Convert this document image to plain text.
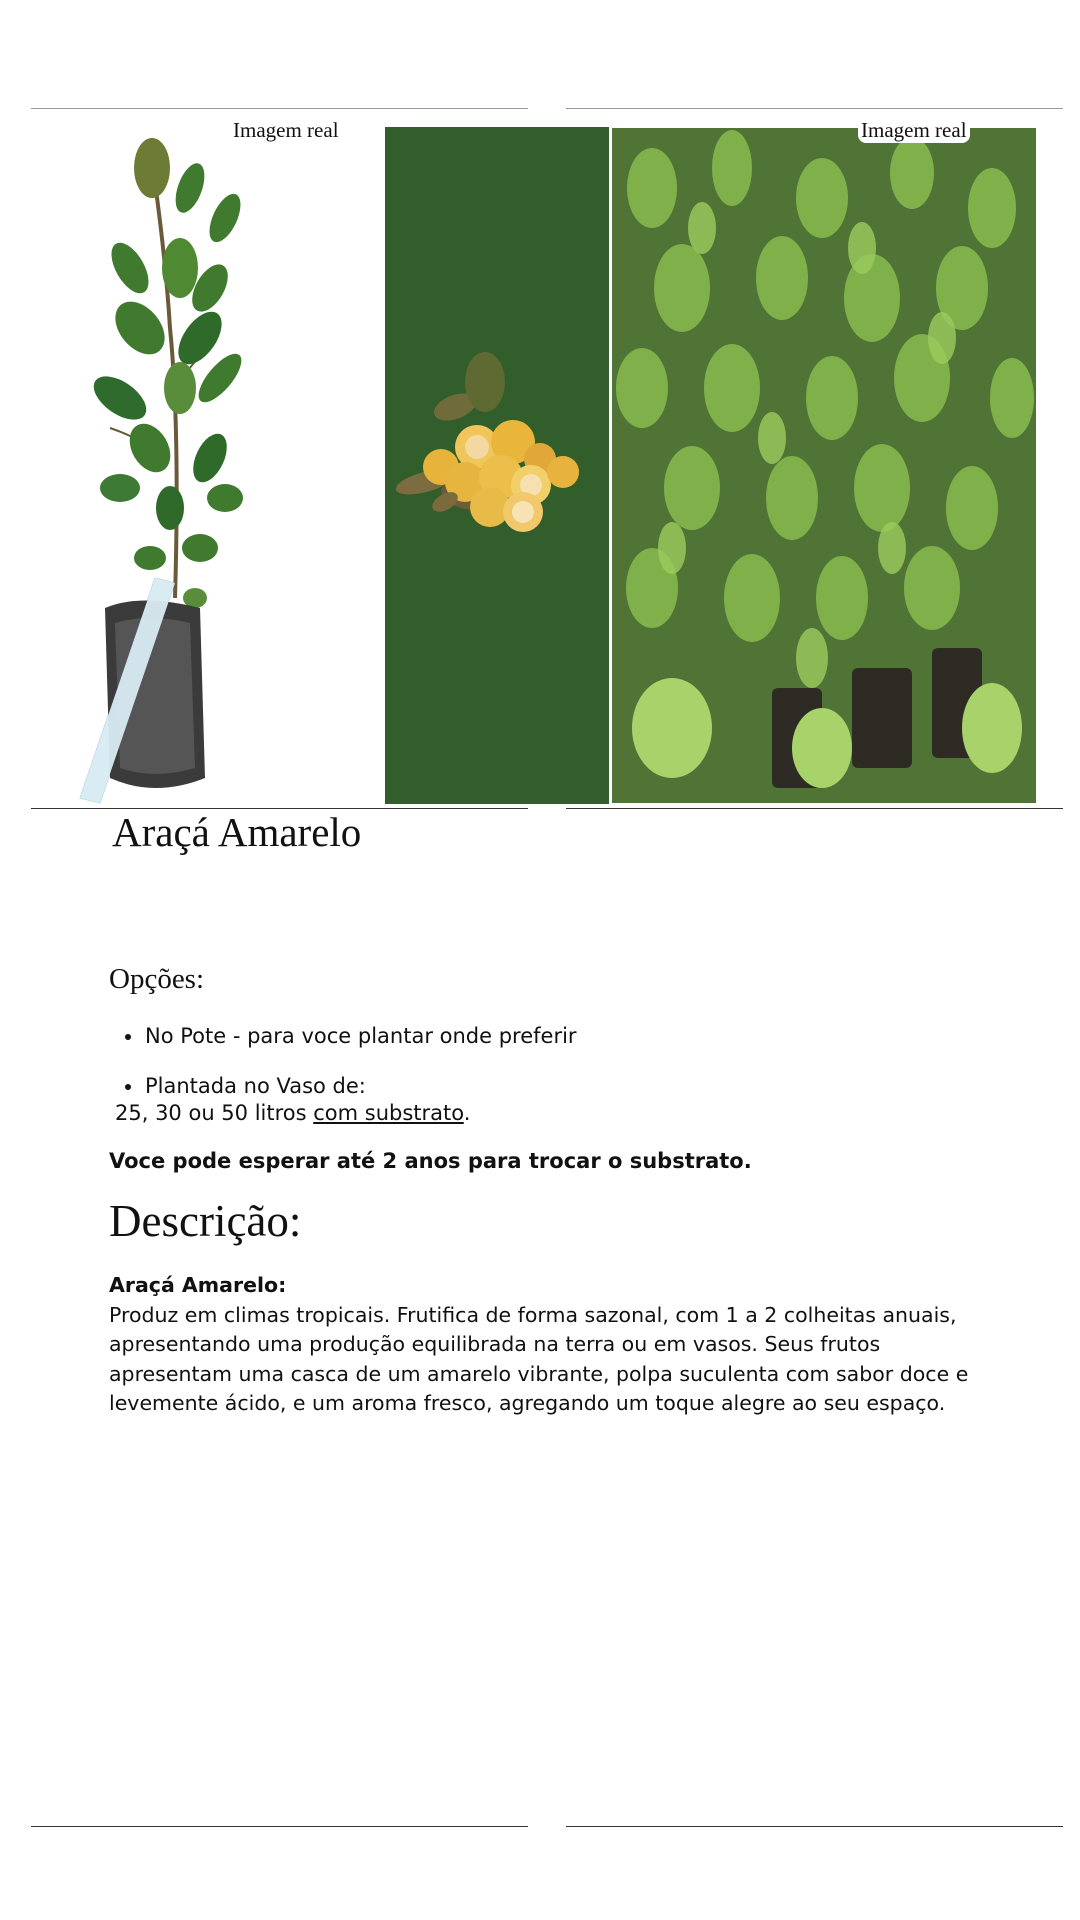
Imagem real	Imagem real
Araçá Amarelo
Opções:
No Pote - para voce plantar onde preferir
Plantada no Vaso de:
25, 30 ou 50 litros com substrato.
Voce pode esperar até 2 anos para trocar o substrato.
Descrição:
Araçá Amarelo:
Produz em climas tropicais. Frutifica de forma sazonal, com 1 a 2 colheitas anuais, apresentando uma produção equilibrada na terra ou em vasos. Seus frutos apresentam uma casca de um amarelo vibrante, polpa suculenta com sabor doce e levemente ácido, e um aroma fresco, agregando um toque alegre ao seu espaço.
